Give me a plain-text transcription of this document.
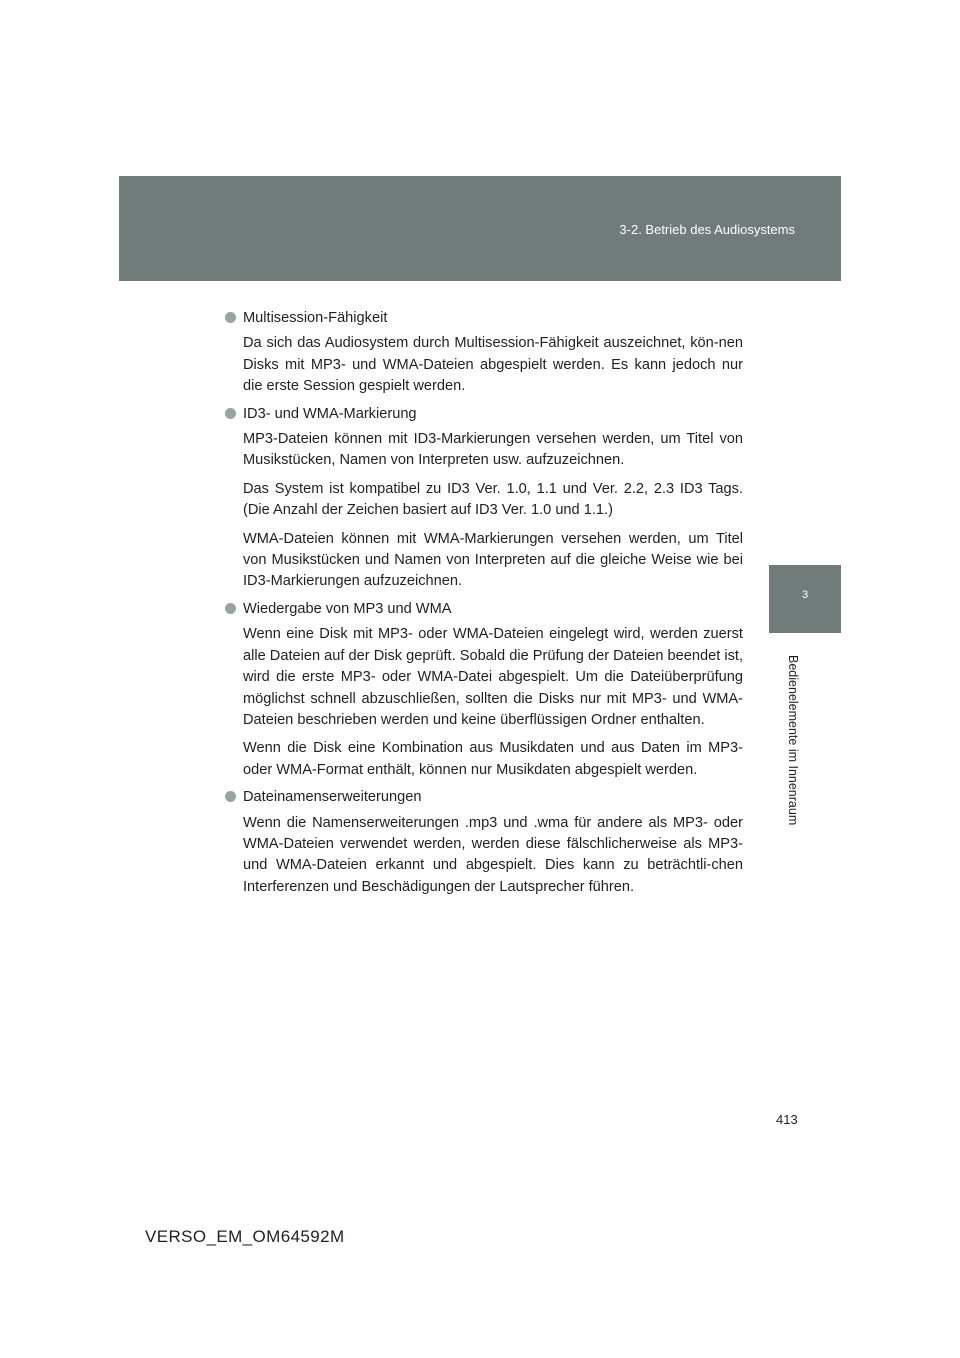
3-2. Betrieb des Audiosystems
3
Bedienelemente im Innenraum
Multisession-Fähigkeit

Da sich das Audiosystem durch Multisession-Fähigkeit auszeichnet, kön-nen Disks mit MP3- und WMA-Dateien abgespielt werden. Es kann jedoch nur die erste Session gespielt werden.

ID3- und WMA-Markierung

MP3-Dateien können mit ID3-Markierungen versehen werden, um Titel von Musikstücken, Namen von Interpreten usw. aufzuzeichnen.

Das System ist kompatibel zu ID3 Ver. 1.0, 1.1 und Ver. 2.2, 2.3 ID3 Tags. (Die Anzahl der Zeichen basiert auf ID3 Ver. 1.0 und 1.1.)

WMA-Dateien können mit WMA-Markierungen versehen werden, um Titel von Musikstücken und Namen von Interpreten auf die gleiche Weise wie bei ID3-Markierungen aufzuzeichnen.

Wiedergabe von MP3 und WMA

Wenn eine Disk mit MP3- oder WMA-Dateien eingelegt wird, werden zuerst alle Dateien auf der Disk geprüft. Sobald die Prüfung der Dateien beendet ist, wird die erste MP3- oder WMA-Datei abgespielt. Um die Dateiüberprüfung möglichst schnell abzuschließen, sollten die Disks nur mit MP3- und WMA-Dateien beschrieben werden und keine überflüssigen Ordner enthalten.

Wenn die Disk eine Kombination aus Musikdaten und aus Daten im MP3- oder WMA-Format enthält, können nur Musikdaten abgespielt werden.

Dateinamenserweiterungen

Wenn die Namenserweiterungen .mp3 und .wma für andere als MP3- oder WMA-Dateien verwendet werden, werden diese fälschlicherweise als MP3- und WMA-Dateien erkannt und abgespielt. Dies kann zu beträchtli-chen Interferenzen und Beschädigungen der Lautsprecher führen.

413
VERSO_EM_OM64592M
